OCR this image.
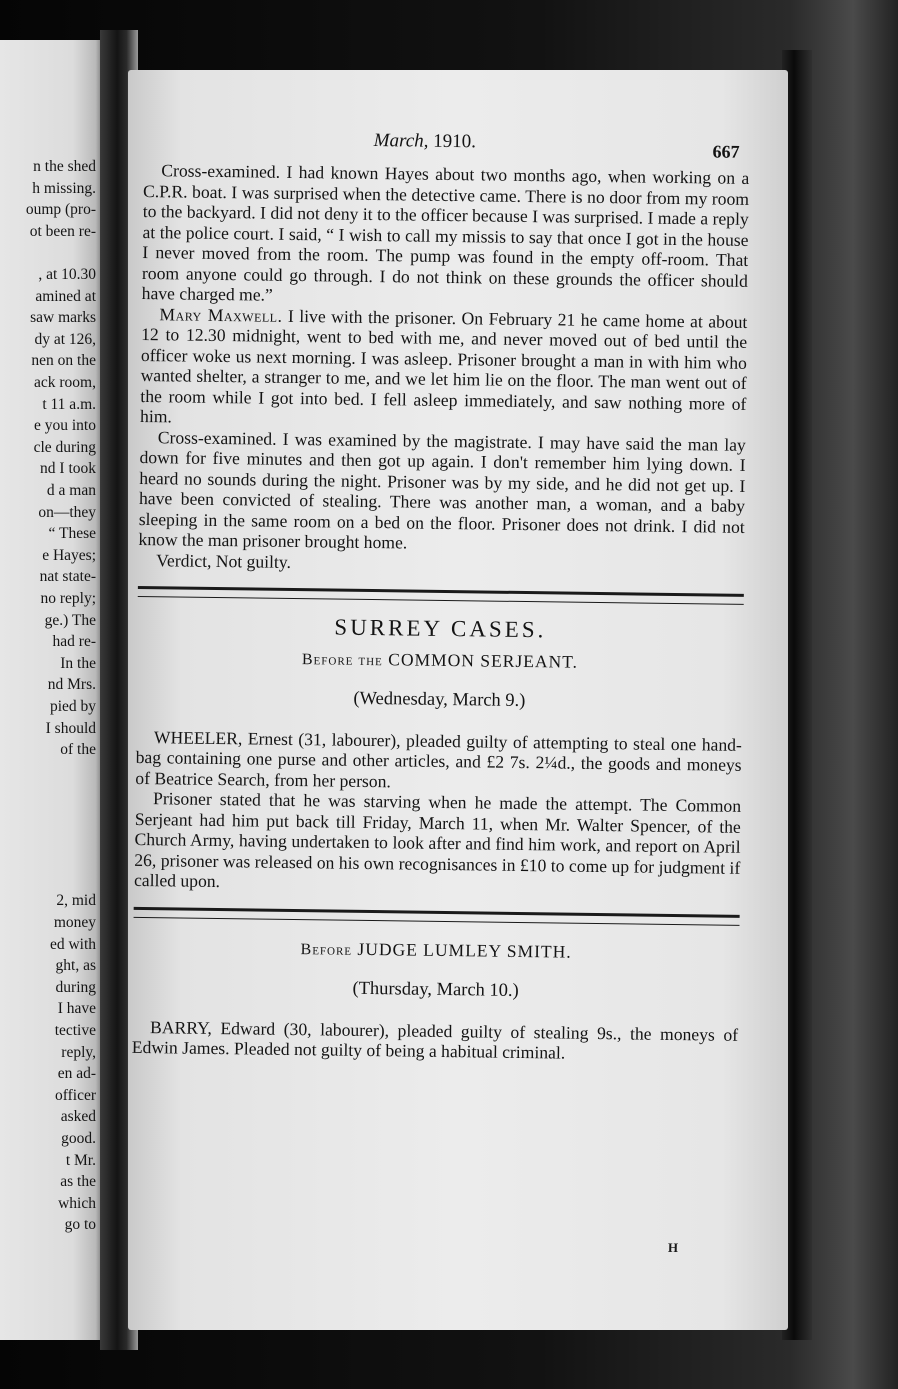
n the shed
h missing.
oump (pro-
ot been re-
, at 10.30
amined at
saw marks
dy at 126,
nen on the
ack room,
t 11 a.m.
e you into
cle during
nd I took
d a man
on—they
“ These
e Hayes;
nat state-
no reply;
ge.) The
had re-
In the
nd Mrs.
pied by
I should
of the
2, mid
money
ed with
ght, as
during
I have
tective
reply,
en ad-
officer
asked
good.
t Mr.
as the
which
go to
March, 1910.	667

Cross-examined. I had known Hayes about two months ago, when working on a C.P.R. boat. I was surprised when the detective came. There is no door from my room to the backyard. I did not deny it to the officer because I was surprised. I made a reply at the police court. I said, “ I wish to call my missis to say that once I got in the house I never moved from the room. The pump was found in the empty off-room. That room anyone could go through. I do not think on these grounds the officer should have charged me.”

Mary Maxwell. I live with the prisoner. On February 21 he came home at about 12 to 12.30 midnight, went to bed with me, and never moved out of bed until the officer woke us next morning. I was asleep. Prisoner brought a man in with him who wanted shelter, a stranger to me, and we let him lie on the floor. The man went out of the room while I got into bed. I fell asleep immediately, and saw nothing more of him.

Cross-examined. I was examined by the magistrate. I may have said the man lay down for five minutes and then got up again. I don't remember him lying down. I heard no sounds during the night. Prisoner was by my side, and he did not get up. I have been convicted of stealing. There was another man, a woman, and a baby sleeping in the same room on a bed on the floor. Prisoner does not drink. I did not know the man prisoner brought home.

Verdict, Not guilty.

SURREY CASES.
Before the COMMON SERJEANT.
(Wednesday, March 9.)

WHEELER, Ernest (31, labourer), pleaded guilty of attempting to steal one hand-bag containing one purse and other articles, and £2 7s. 2¼d., the goods and moneys of Beatrice Search, from her person.

Prisoner stated that he was starving when he made the attempt. The Common Serjeant had him put back till Friday, March 11, when Mr. Walter Spencer, of the Church Army, having undertaken to look after and find him work, and report on April 26, prisoner was released on his own recognisances in £10 to come up for judgment if called upon.

Before JUDGE LUMLEY SMITH.
(Thursday, March 10.)

BARRY, Edward (30, labourer), pleaded guilty of stealing 9s., the moneys of Edwin James. Pleaded not guilty of being a habitual criminal.

H
